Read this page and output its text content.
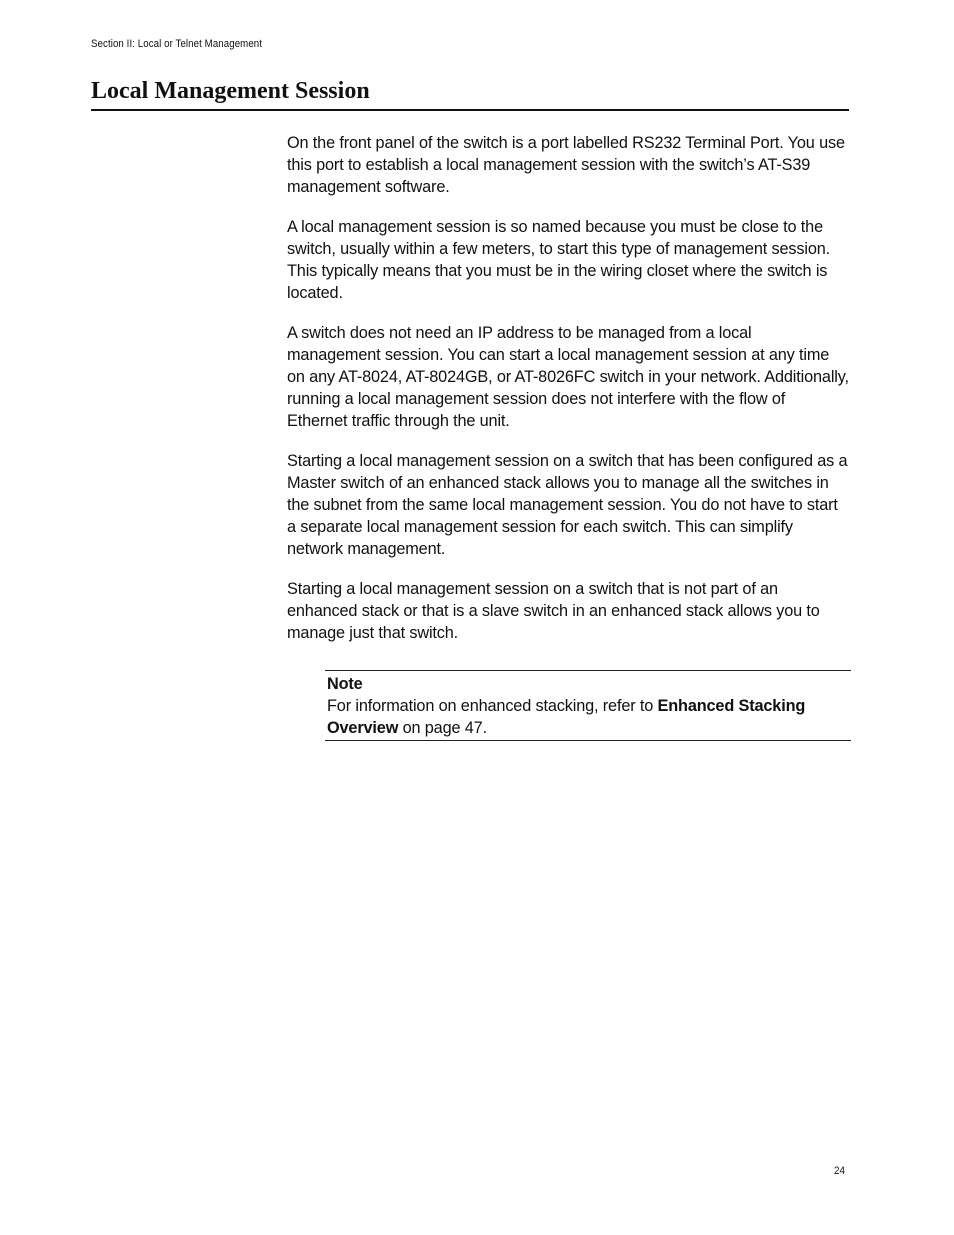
Section II: Local or Telnet Management
Local Management Session

On the front panel of the switch is a port labelled RS232 Terminal Port. You use this port to establish a local management session with the switch’s AT-S39 management software.

A local management session is so named because you must be close to the switch, usually within a few meters, to start this type of management session. This typically means that you must be in the wiring closet where the switch is located.

A switch does not need an IP address to be managed from a local management session. You can start a local management session at any time on any AT-8024, AT-8024GB, or AT-8026FC switch in your network. Additionally, running a local management session does not interfere with the flow of Ethernet traffic through the unit.

Starting a local management session on a switch that has been configured as a Master switch of an enhanced stack allows you to manage all the switches in the subnet from the same local management session. You do not have to start a separate local management session for each switch. This can simplify network management.

Starting a local management session on a switch that is not part of an enhanced stack or that is a slave switch in an enhanced stack allows you to manage just that switch.

Note
For information on enhanced stacking, refer to Enhanced Stacking Overview on page 47.
24
